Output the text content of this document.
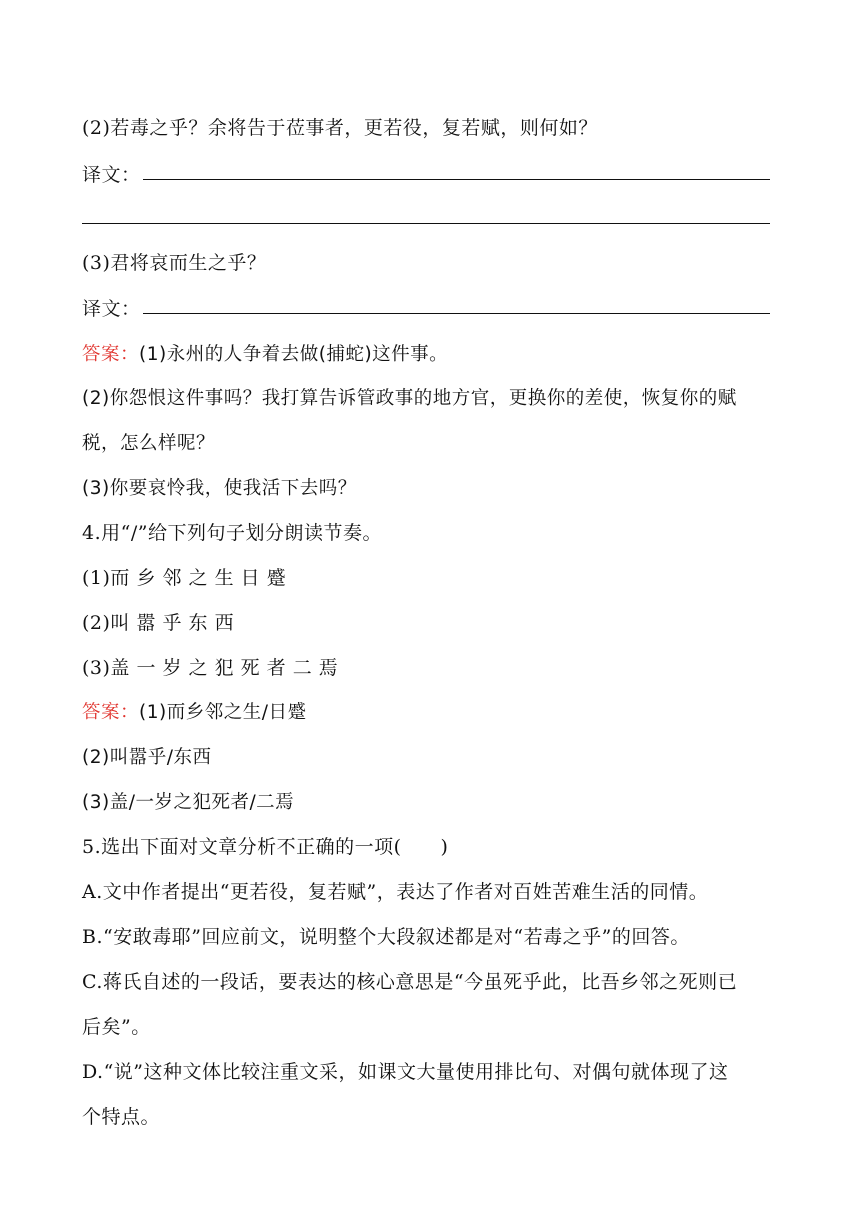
(2)若毒之乎？余将告于莅事者，更若役，复若赋，则何如？
译文：
(3)君将哀而生之乎？
译文：
答案：(1)永州的人争着去做(捕蛇)这件事。
(2)你怨恨这件事吗？我打算告诉管政事的地方官，更换你的差使，恢复你的赋
税，怎么样呢？
(3)你要哀怜我，使我活下去吗？
4.用“/”给下列句子划分朗读节奏。
(1)而 乡 邻 之 生 日 蹙
(2)叫 嚣 乎 东 西
(3)盖 一 岁 之 犯 死 者 二 焉
答案：(1)而乡邻之生/日蹙
(2)叫嚣乎/东西
(3)盖/一岁之犯死者/二焉
5.选出下面对文章分析不正确的一项(　　)
A.文中作者提出“更若役，复若赋”，表达了作者对百姓苦难生活的同情。
B.“安敢毒耶”回应前文，说明整个大段叙述都是对“若毒之乎”的回答。
C.蒋氏自述的一段话，要表达的核心意思是“今虽死乎此，比吾乡邻之死则已
后矣”。
D.“说”这种文体比较注重文采，如课文大量使用排比句、对偶句就体现了这
个特点。
